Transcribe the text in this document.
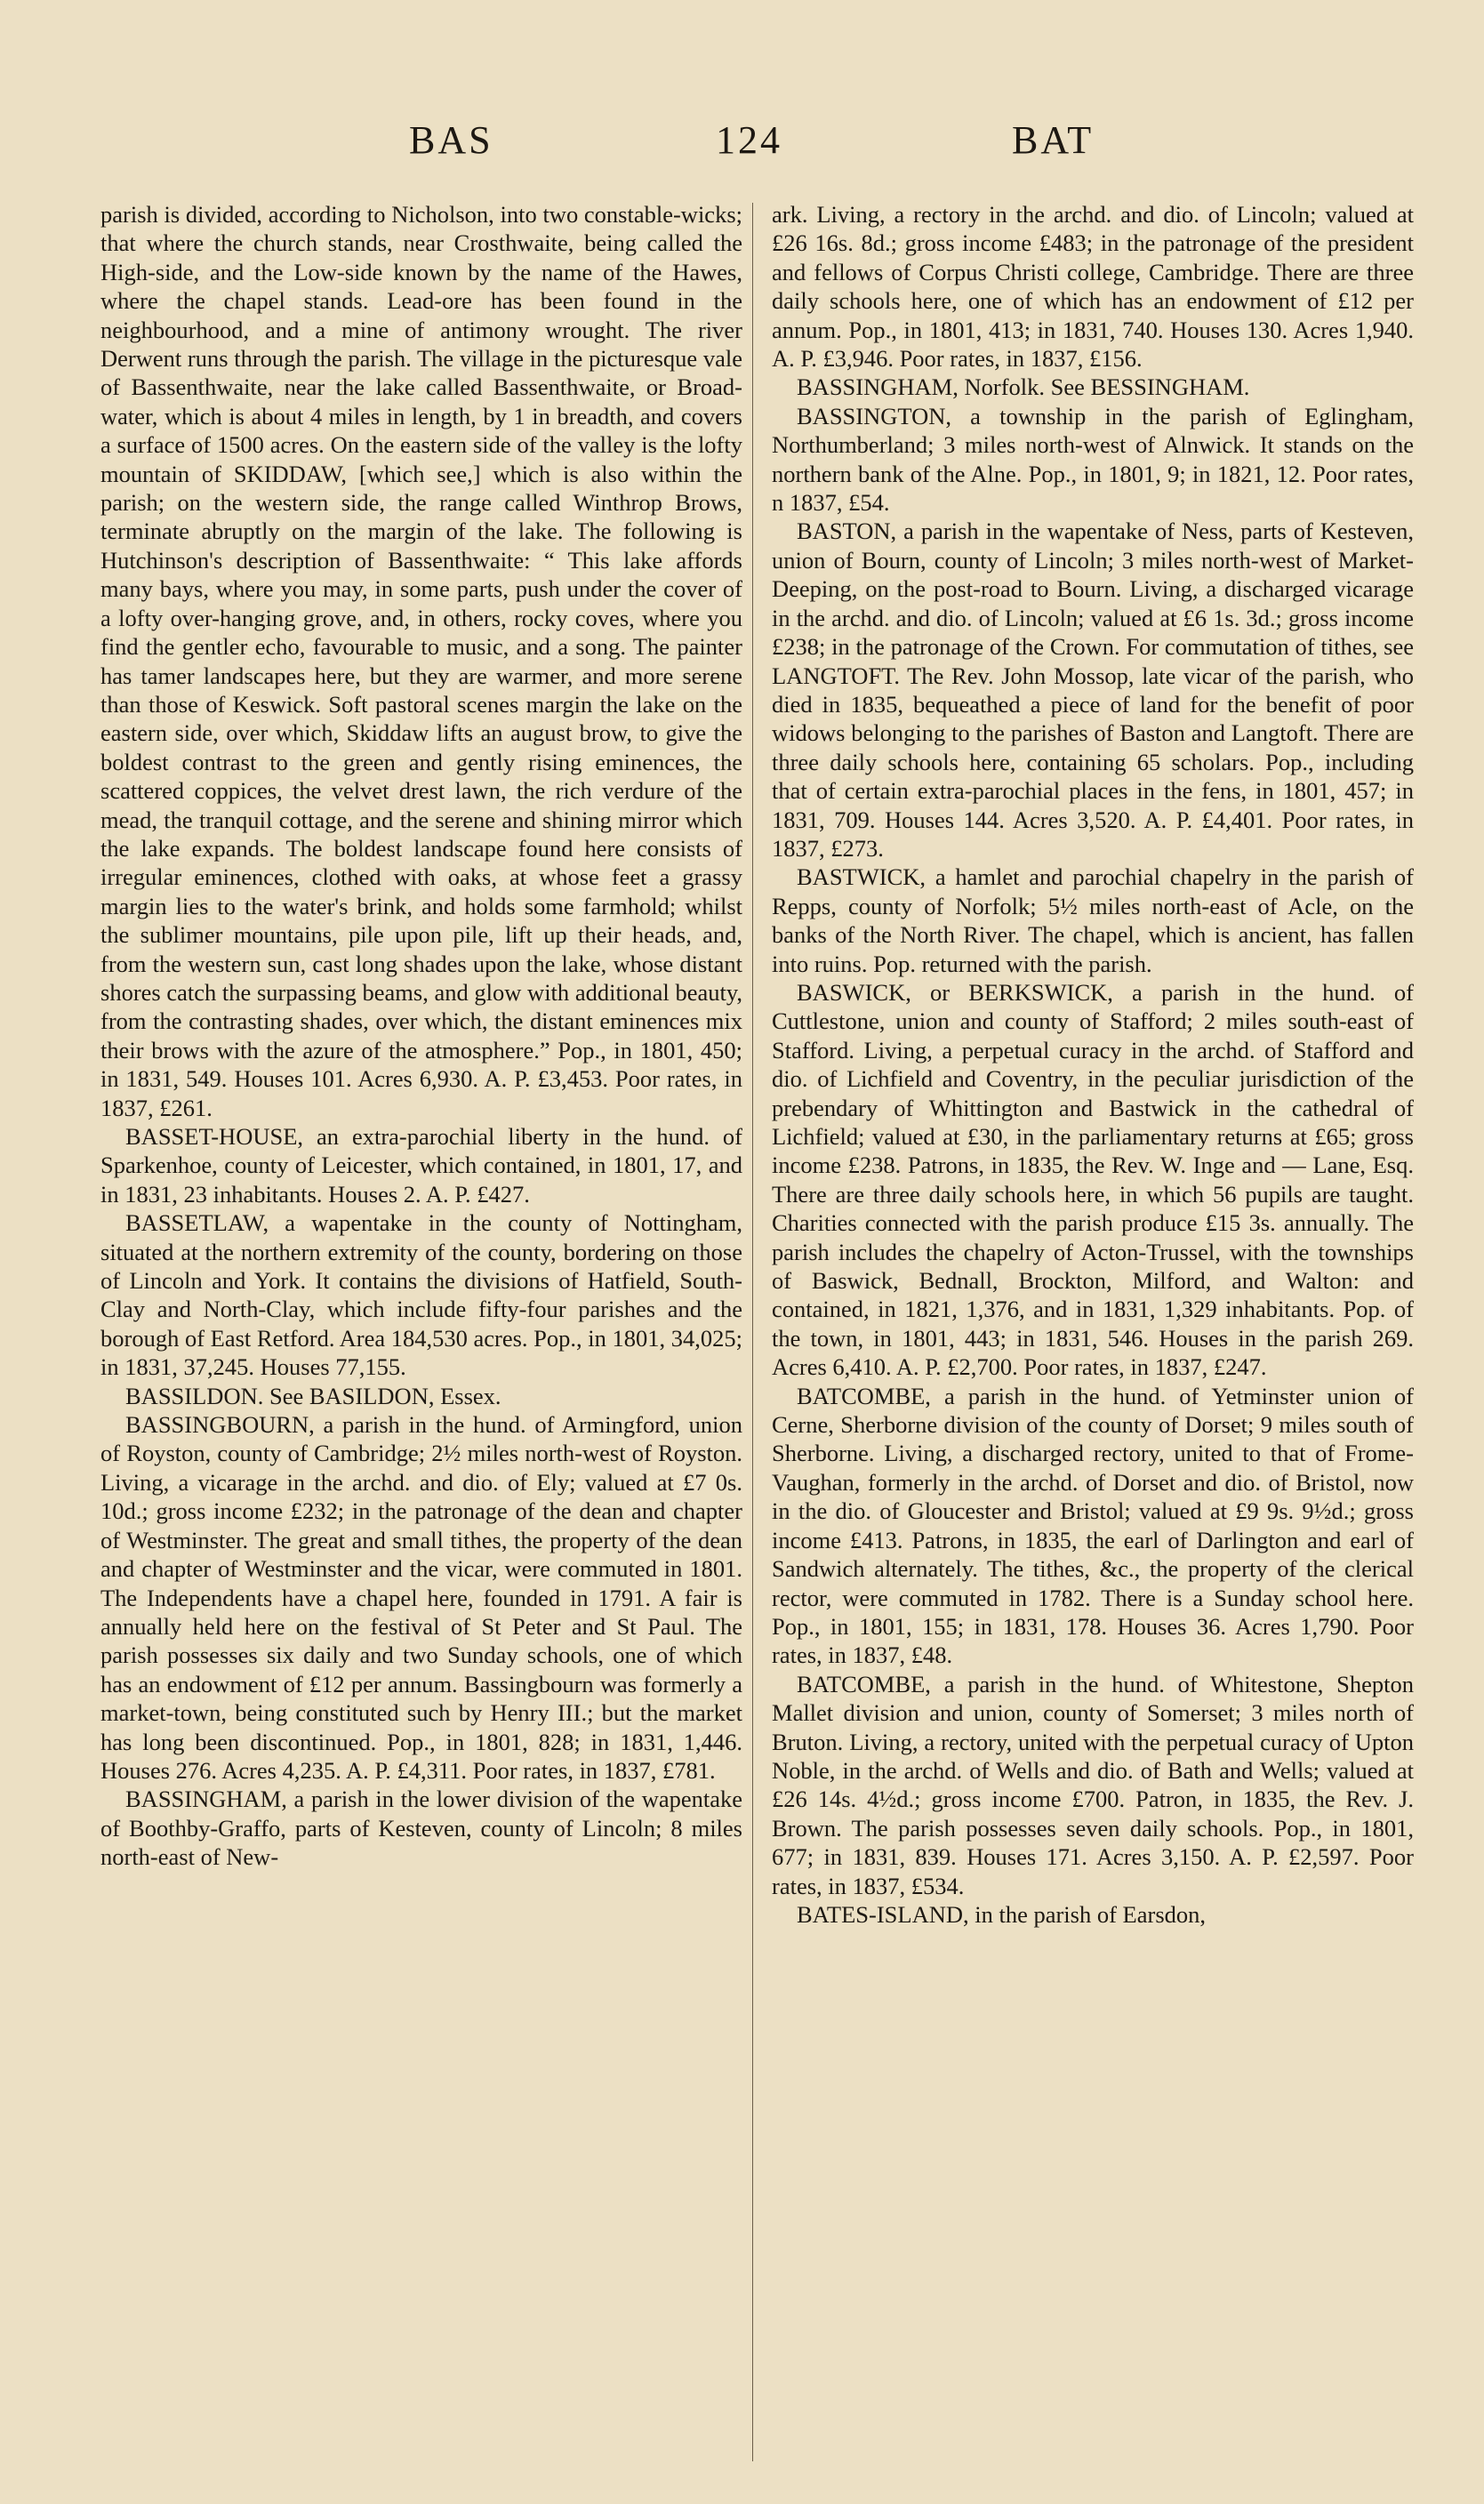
BAS	124	BAT

parish is divided, according to Nicholson, into two constable-wicks; that where the church stands, near Crosthwaite, being called the High-side, and the Low-side known by the name of the Hawes, where the chapel stands. Lead-ore has been found in the neighbourhood, and a mine of antimony wrought. The river Derwent runs through the parish. The village in the picturesque vale of Bassenthwaite, near the lake called Bassenthwaite, or Broad-water, which is about 4 miles in length, by 1 in breadth, and covers a surface of 1500 acres. On the eastern side of the valley is the lofty mountain of SKIDDAW, [which see,] which is also within the parish; on the western side, the range called Winthrop Brows, terminate abruptly on the margin of the lake. The following is Hutchinson's description of Bassenthwaite: “ This lake affords many bays, where you may, in some parts, push under the cover of a lofty over-hanging grove, and, in others, rocky coves, where you find the gentler echo, favourable to music, and a song. The painter has tamer landscapes here, but they are warmer, and more serene than those of Keswick. Soft pastoral scenes margin the lake on the eastern side, over which, Skiddaw lifts an august brow, to give the boldest contrast to the green and gently rising eminences, the scattered coppices, the velvet drest lawn, the rich verdure of the mead, the tranquil cottage, and the serene and shining mirror which the lake expands. The boldest landscape found here consists of irregular eminences, clothed with oaks, at whose feet a grassy margin lies to the water's brink, and holds some farmhold; whilst the sublimer mountains, pile upon pile, lift up their heads, and, from the western sun, cast long shades upon the lake, whose distant shores catch the surpassing beams, and glow with additional beauty, from the contrasting shades, over which, the distant eminences mix their brows with the azure of the atmosphere.” Pop., in 1801, 450; in 1831, 549. Houses 101. Acres 6,930. A. P. £3,453. Poor rates, in 1837, £261.

BASSET-HOUSE, an extra-parochial liberty in the hund. of Sparkenhoe, county of Leicester, which contained, in 1801, 17, and in 1831, 23 inhabitants. Houses 2. A. P. £427.

BASSETLAW, a wapentake in the county of Nottingham, situated at the northern extremity of the county, bordering on those of Lincoln and York. It contains the divisions of Hatfield, South-Clay and North-Clay, which include fifty-four parishes and the borough of East Retford. Area 184,530 acres. Pop., in 1801, 34,025; in 1831, 37,245. Houses 77,155.

BASSILDON. See BASILDON, Essex.

BASSINGBOURN, a parish in the hund. of Armingford, union of Royston, county of Cambridge; 2½ miles north-west of Royston. Living, a vicarage in the archd. and dio. of Ely; valued at £7 0s. 10d.; gross income £232; in the patronage of the dean and chapter of Westminster. The great and small tithes, the property of the dean and chapter of Westminster and the vicar, were commuted in 1801. The Independents have a chapel here, founded in 1791. A fair is annually held here on the festival of St Peter and St Paul. The parish possesses six daily and two Sunday schools, one of which has an endowment of £12 per annum. Bassingbourn was formerly a market-town, being constituted such by Henry III.; but the market has long been discontinued. Pop., in 1801, 828; in 1831, 1,446. Houses 276. Acres 4,235. A. P. £4,311. Poor rates, in 1837, £781.

BASSINGHAM, a parish in the lower division of the wapentake of Boothby-Graffo, parts of Kesteven, county of Lincoln; 8 miles north-east of New-

ark. Living, a rectory in the archd. and dio. of Lincoln; valued at £26 16s. 8d.; gross income £483; in the patronage of the president and fellows of Corpus Christi college, Cambridge. There are three daily schools here, one of which has an endowment of £12 per annum. Pop., in 1801, 413; in 1831, 740. Houses 130. Acres 1,940. A. P. £3,946. Poor rates, in 1837, £156.

BASSINGHAM, Norfolk. See BESSINGHAM.

BASSINGTON, a township in the parish of Eglingham, Northumberland; 3 miles north-west of Alnwick. It stands on the northern bank of the Alne. Pop., in 1801, 9; in 1821, 12. Poor rates, n 1837, £54.

BASTON, a parish in the wapentake of Ness, parts of Kesteven, union of Bourn, county of Lincoln; 3 miles north-west of Market-Deeping, on the post-road to Bourn. Living, a discharged vicarage in the archd. and dio. of Lincoln; valued at £6 1s. 3d.; gross income £238; in the patronage of the Crown. For commutation of tithes, see LANGTOFT. The Rev. John Mossop, late vicar of the parish, who died in 1835, bequeathed a piece of land for the benefit of poor widows belonging to the parishes of Baston and Langtoft. There are three daily schools here, containing 65 scholars. Pop., including that of certain extra-parochial places in the fens, in 1801, 457; in 1831, 709. Houses 144. Acres 3,520. A. P. £4,401. Poor rates, in 1837, £273.

BASTWICK, a hamlet and parochial chapelry in the parish of Repps, county of Norfolk; 5½ miles north-east of Acle, on the banks of the North River. The chapel, which is ancient, has fallen into ruins. Pop. returned with the parish.

BASWICK, or BERKSWICK, a parish in the hund. of Cuttlestone, union and county of Stafford; 2 miles south-east of Stafford. Living, a perpetual curacy in the archd. of Stafford and dio. of Lichfield and Coventry, in the peculiar jurisdiction of the prebendary of Whittington and Bastwick in the cathedral of Lichfield; valued at £30, in the parliamentary returns at £65; gross income £238. Patrons, in 1835, the Rev. W. Inge and — Lane, Esq. There are three daily schools here, in which 56 pupils are taught. Charities connected with the parish produce £15 3s. annually. The parish includes the chapelry of Acton-Trussel, with the townships of Baswick, Bednall, Brockton, Milford, and Walton: and contained, in 1821, 1,376, and in 1831, 1,329 inhabitants. Pop. of the town, in 1801, 443; in 1831, 546. Houses in the parish 269. Acres 6,410. A. P. £2,700. Poor rates, in 1837, £247.

BATCOMBE, a parish in the hund. of Yetminster union of Cerne, Sherborne division of the county of Dorset; 9 miles south of Sherborne. Living, a discharged rectory, united to that of Frome-Vaughan, formerly in the archd. of Dorset and dio. of Bristol, now in the dio. of Gloucester and Bristol; valued at £9 9s. 9½d.; gross income £413. Patrons, in 1835, the earl of Darlington and earl of Sandwich alternately. The tithes, &c., the property of the clerical rector, were commuted in 1782. There is a Sunday school here. Pop., in 1801, 155; in 1831, 178. Houses 36. Acres 1,790. Poor rates, in 1837, £48.

BATCOMBE, a parish in the hund. of Whitestone, Shepton Mallet division and union, county of Somerset; 3 miles north of Bruton. Living, a rectory, united with the perpetual curacy of Upton Noble, in the archd. of Wells and dio. of Bath and Wells; valued at £26 14s. 4½d.; gross income £700. Patron, in 1835, the Rev. J. Brown. The parish possesses seven daily schools. Pop., in 1801, 677; in 1831, 839. Houses 171. Acres 3,150. A. P. £2,597. Poor rates, in 1837, £534.

BATES-ISLAND, in the parish of Earsdon,
